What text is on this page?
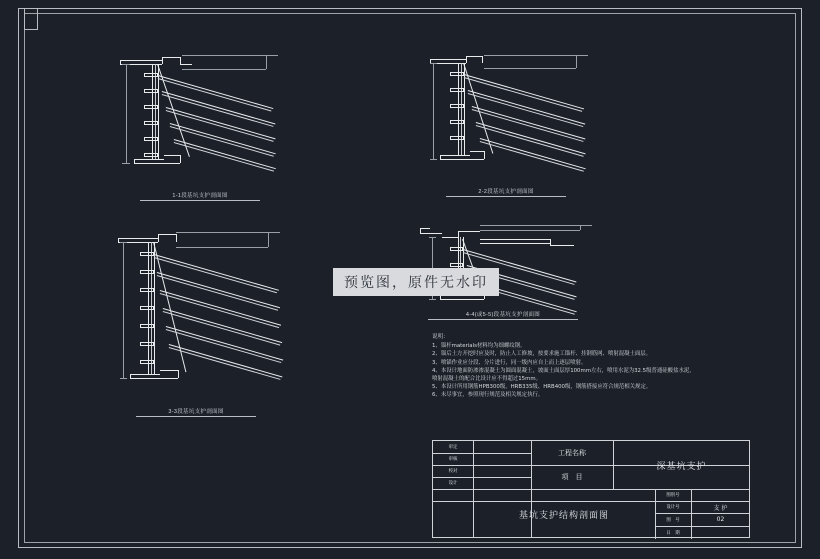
1-1段基坑支护剖面图
2-2段基坑支护剖面图
4-4(或5-5)段基坑支护剖面图
3-3段基坑支护剖面图
预览图，原件无水印

说明：

1、锚杆materials材料均为细螺纹钢。

2、锚后土方开挖时应及时，防止人工修坡，按要求施工锚杆、挂钢筋网、喷射混凝土面层。

3、喷锚作业应分段、分片进行，同一级内应自上而上逐层喷射。

4、本设计地面防渗渗混凝土为圆面混凝土，坡面土面层厚100mm左右，喷用水泥为32.5级普通硅酸盐水泥，

喷射混凝土的配合比设计应不得超过15mm。

5、本设计所用钢筋HPB300级，HRB335级、HRB400级，钢筋搭接应符合规范相关规定。

6、未尽事宜，参照现行规范及相关规定执行。

审定
审核
校对
设计
工程名称
项　目
深基坑支护
基坑支护结构剖面图
图别号
设计号
图　号
日　期
支 护
02
